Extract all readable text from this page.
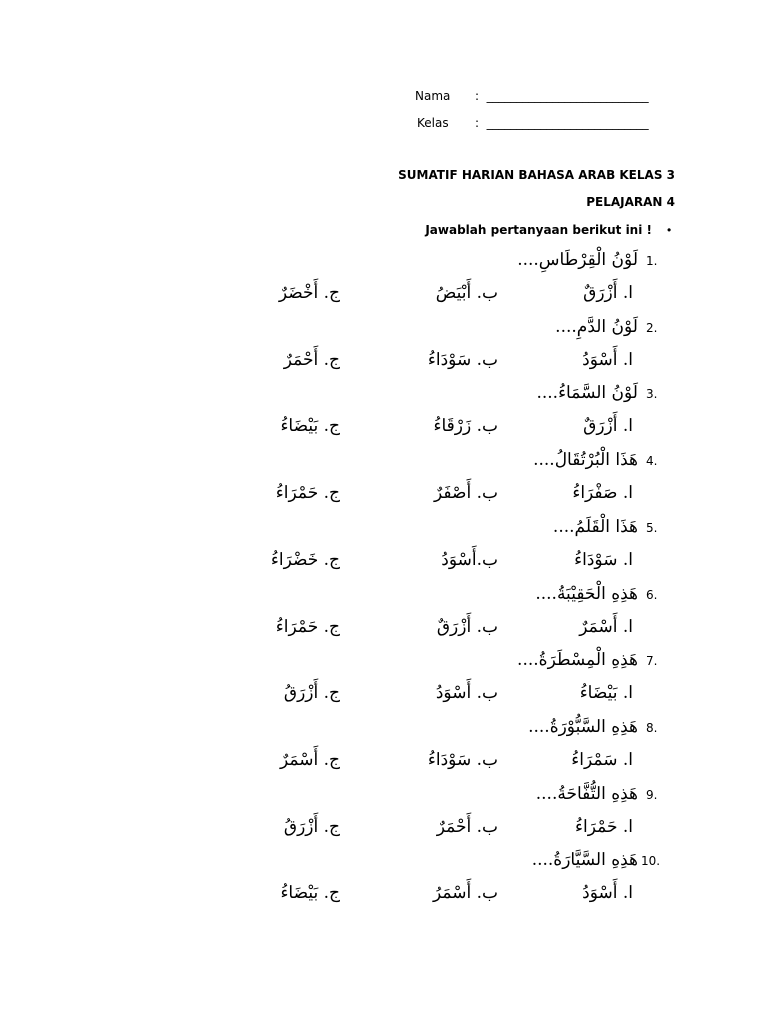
Nama :  ___________________________
Kelas :  ___________________________
SUMATIF HARIAN BAHASA ARAB KELAS 3
PELAJARAN 4
Jawablah pertanyaan berikut ini ! •
1.
لَوْنُ الْقِرْطَاسِ....
ا. أَزْرَقٌ
ب. أَبْيَضُ
ج. أَخْضَرٌ
2.
لَوْنُ الدَّمِ....
ا. أَسْوَدُ
ب. سَوْدَاءُ
ج. أَحْمَرٌ
3.
لَوْنُ السَّمَاءُ....
ا. أَزْرَقٌ
ب. زَرْقَاءُ
ج. بَيْضَاءُ
4.
هَذَا الْبُرْتُقَالُ....
ا. صَفْرَاءُ
ب. أَصْفَرٌ
ج. حَمْرَاءُ
5.
هَذَا الْقَلَمُ....
ا. سَوْدَاءُ
ب.أَسْوَدُ
ج. خَضْرَاءُ
6.
هَذِهِ الْحَقِيْبَةُ....
ا. أَسْمَرٌ
ب. أَزْرَقٌ
ج. حَمْرَاءُ
7.
هَذِهِ الْمِسْطَرَةُ....
ا. بَيْضَاءُ
ب. أَسْوَدُ
ج. أَزْرَقُ
8.
هَذِهِ السَّبُّوْرَةُ....
ا. سَمْرَاءُ
ب. سَوْدَاءُ
ج. أَسْمَرٌ
9.
هَذِهِ التُّفَّاحَةُ....
ا. حَمْرَاءُ
ب. أَحْمَرٌ
ج. أَزْرَقُ
10.
هَذِهِ السَّيَّارَةُ....
ا. أَسْوَدُ
ب. أَسْمَرُ
ج. بَيْضَاءُ
